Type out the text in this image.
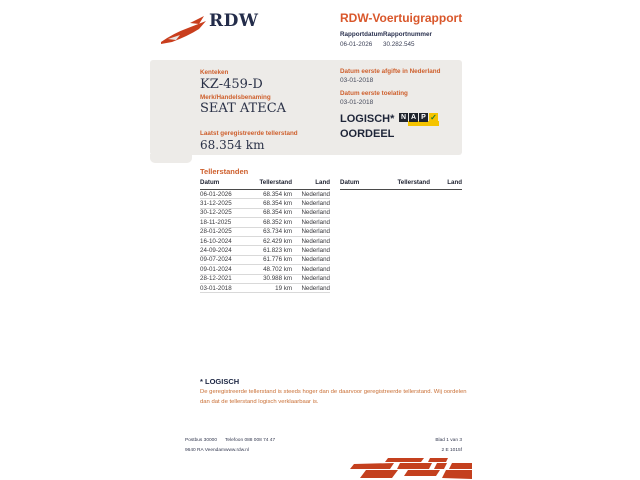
RDW	RDW-Voertuigrapport
Rapportdatum
06-01-2026
Rapportnummer
30.282.545
Kenteken
KZ-459-D
Merk/Handelsbenaming
SEAT ATECA
Laatst geregistreerde tellerstand
68.354 km
Datum eerste afgifte in Nederland
03-01-2018
Datum eerste toelating
03-01-2018
LOGISCH*
OORDEEL
N A P ✓
Tellerstanden
Datum	Tellerstand	Land
06-01-2026	68.354 km	Nederland
31-12-2025	68.354 km	Nederland
30-12-2025	68.354 km	Nederland
18-11-2025	68.352 km	Nederland
28-01-2025	63.734 km	Nederland
16-10-2024	62.429 km	Nederland
24-09-2024	61.823 km	Nederland
09-07-2024	61.776 km	Nederland
09-01-2024	48.702 km	Nederland
28-12-2021	30.988 km	Nederland
03-01-2018	19 km	Nederland
Datum	Tellerstand	Land
* LOGISCH
De geregistreerde tellerstand is steeds hoger dan de daarvoor geregistreerde tellerstand. Wij oordelen dan dat de tellerstand logisch verklaarbaar is.
Postbus 30000
9640 RA Veendam
Telefoon 088 008 74 47
www.rdw.nl
Blad 1 van 3
2 E 1015f
